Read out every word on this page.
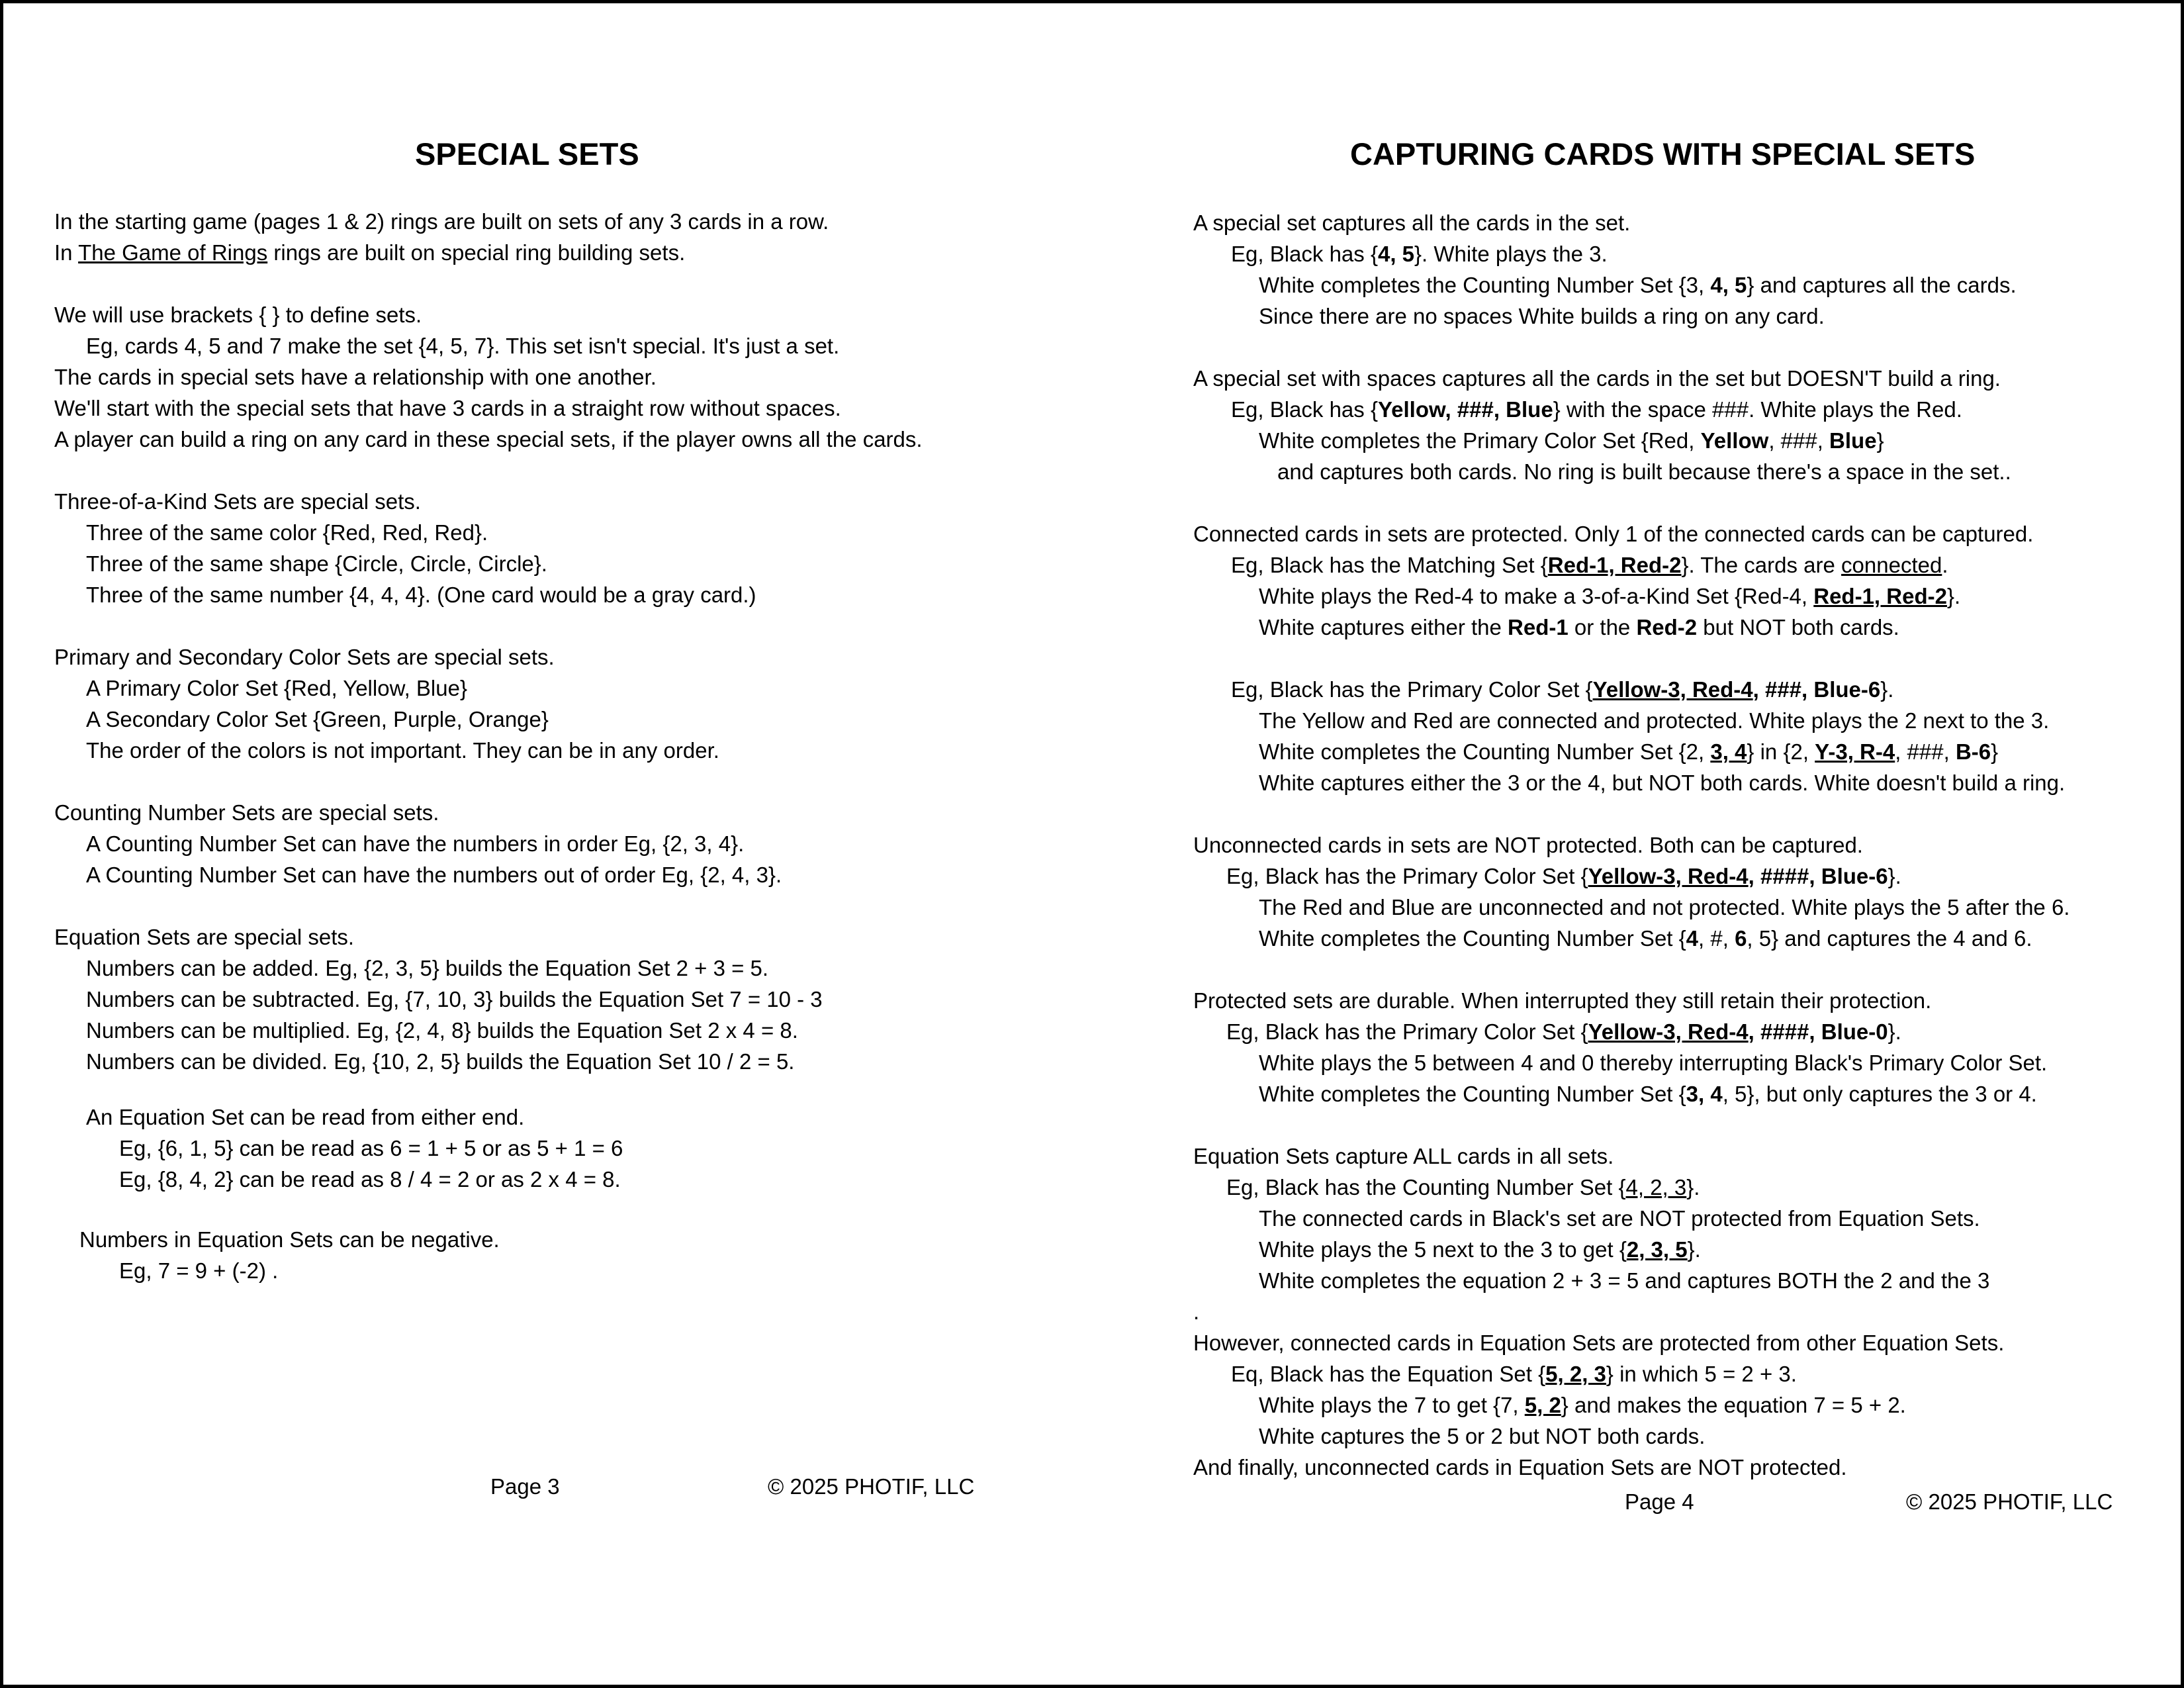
SPECIAL SETS
In the starting game (pages 1 & 2) rings are built on sets of any 3 cards in a row.
In The Game of Rings rings are built on special ring building sets.
We will use brackets { } to define sets.
Eg, cards 4, 5 and 7 make the set {4, 5, 7}. This set isn't special. It's just a set.
The cards in special sets have a relationship with one another.
We'll start with the special sets that have 3 cards in a straight row without spaces.
A player can build a ring on any card in these special sets, if the player owns all the cards.
Three-of-a-Kind Sets are special sets.
Three of the same color {Red, Red, Red}.
Three of the same shape {Circle, Circle, Circle}.
Three of the same number {4, 4, 4}. (One card would be a gray card.)
Primary and Secondary Color Sets are special sets.
A Primary Color Set {Red, Yellow, Blue}
A Secondary Color Set {Green, Purple, Orange}
The order of the colors is not important. They can be in any order.
Counting Number Sets are special sets.
A Counting Number Set can have the numbers in order Eg, {2, 3, 4}.
A Counting Number Set can have the numbers out of order Eg, {2, 4, 3}.
Equation Sets are special sets.
Numbers can be added. Eg, {2, 3, 5} builds the Equation Set 2 + 3 = 5.
Numbers can be subtracted. Eg, {7, 10, 3} builds the Equation Set 7 = 10 - 3
Numbers can be multiplied. Eg, {2, 4, 8} builds the Equation Set 2 x 4 = 8.
Numbers can be divided. Eg, {10, 2, 5} builds the Equation Set 10 / 2 = 5.
An Equation Set can be read from either end.
Eg, {6, 1, 5} can be read as 6 = 1 + 5 or as 5 + 1 = 6
Eg, {8, 4, 2} can be read as 8 / 4 = 2 or as 2 x 4 = 8.
Numbers in Equation Sets can be negative.
Eg, 7 = 9 + (-2) .
Page 3	© 2025 PHOTIF, LLC
CAPTURING CARDS WITH SPECIAL SETS
A special set captures all the cards in the set.
Eg, Black has {4, 5}. White plays the 3.
White completes the Counting Number Set {3, 4, 5} and captures all the cards.
Since there are no spaces White builds a ring on any card.
A special set with spaces captures all the cards in the set but DOESN'T build a ring.
Eg, Black has {Yellow, ###, Blue} with the space ###. White plays the Red.
White completes the Primary Color Set {Red, Yellow, ###, Blue}
and captures both cards. No ring is built because there's a space in the set..
Connected cards in sets are protected. Only 1 of the connected cards can be captured.
Eg, Black has the Matching Set {Red-1, Red-2}. The cards are connected.
White plays the Red-4 to make a 3-of-a-Kind Set {Red-4, Red-1, Red-2}.
White captures either the Red-1 or the Red-2 but NOT both cards.
Eg, Black has the Primary Color Set {Yellow-3, Red-4, ###, Blue-6}.
The Yellow and Red are connected and protected. White plays the 2 next to the 3.
White completes the Counting Number Set {2, 3, 4} in {2, Y-3, R-4, ###, B-6}
White captures either the 3 or the 4, but NOT both cards. White doesn't build a ring.
Unconnected cards in sets are NOT protected. Both can be captured.
Eg, Black has the Primary Color Set {Yellow-3, Red-4, ####, Blue-6}.
The Red and Blue are unconnected and not protected. White plays the 5 after the 6.
White completes the Counting Number Set {4, #, 6, 5} and captures the 4 and 6.
Protected sets are durable. When interrupted they still retain their protection.
Eg, Black has the Primary Color Set {Yellow-3, Red-4, ####, Blue-0}.
White plays the 5 between 4 and 0 thereby interrupting Black's Primary Color Set.
White completes the Counting Number Set {3, 4, 5}, but only captures the 3 or 4.
Equation Sets capture ALL cards in all sets.
Eg, Black has the Counting Number Set {4, 2, 3}.
The connected cards in Black's set are NOT protected from Equation Sets.
White plays the 5 next to the 3 to get {2, 3, 5}.
White completes the equation 2 + 3 = 5 and captures BOTH the 2 and the 3
.
However, connected cards in Equation Sets are protected from other Equation Sets.
Eq, Black has the Equation Set {5, 2, 3} in which 5 = 2 + 3.
White plays the 7 to get {7, 5, 2} and makes the equation 7 = 5 + 2.
White captures the 5 or 2 but NOT both cards.
And finally, unconnected cards in Equation Sets are NOT protected.
Page 4	© 2025 PHOTIF, LLC
